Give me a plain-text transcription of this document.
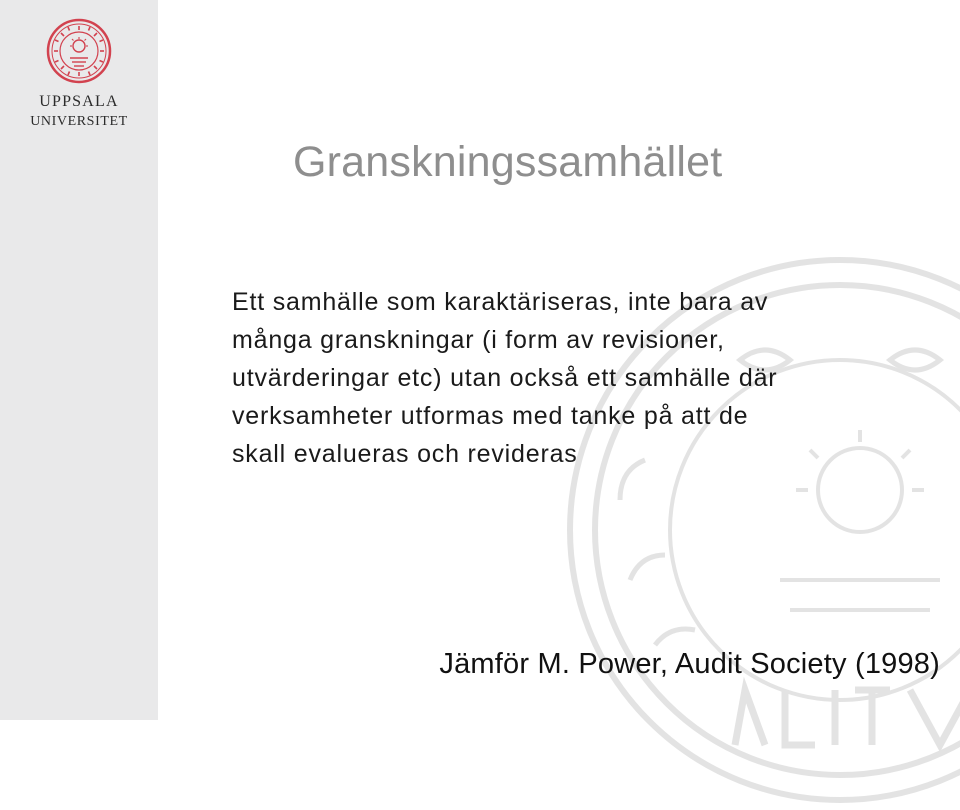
UPPSALA
UNIVERSITET
Granskningssamhället
Ett samhälle som karaktäriseras, inte bara av
många granskningar (i form av revisioner,
utvärderingar etc) utan också ett samhälle där
verksamheter utformas med tanke på att de
skall evalueras och revideras

Jämför M. Power, Audit Society (1998)
